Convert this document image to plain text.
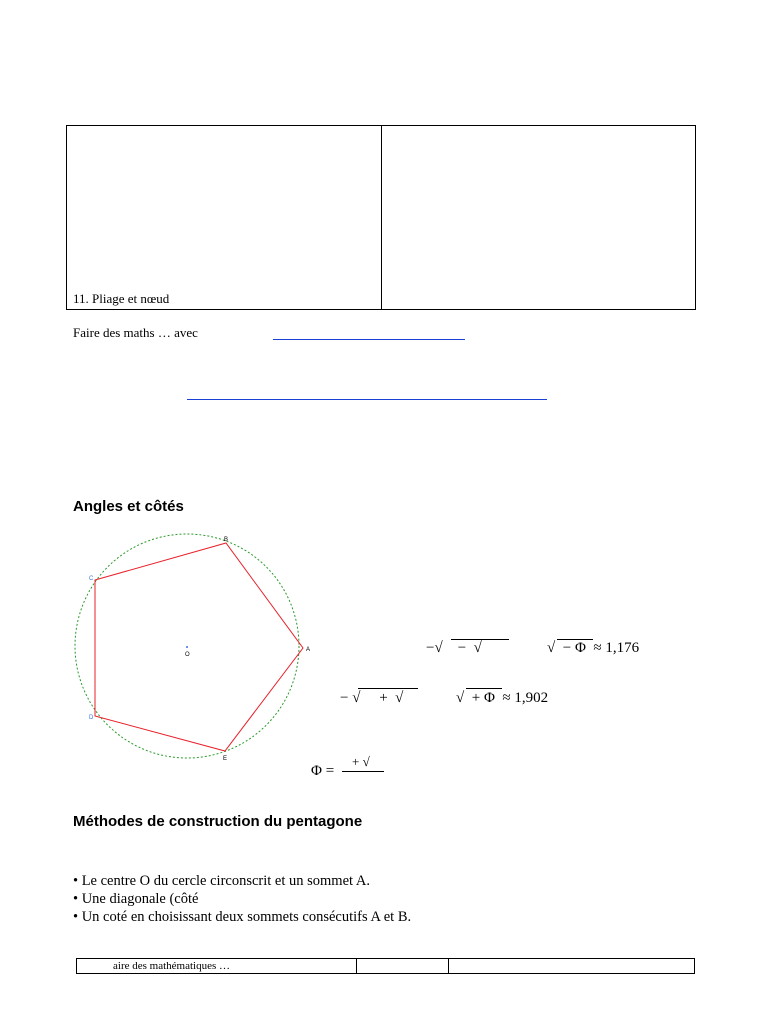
11. Pliage et nœud
Faire des maths … avec
Angles et côtés
A
B
C
D
E
O	−√    −  √	√  − Φ  ≈ 1,176
− √     +  √	√  + Φ  ≈ 1,902
Φ =
+ √
Méthodes de construction du pentagone
• Le centre O du cercle circonscrit et un sommet A.
• Une diagonale (côté
• Un coté en choisissant deux sommets consécutifs A et B.
aire des mathématiques …
